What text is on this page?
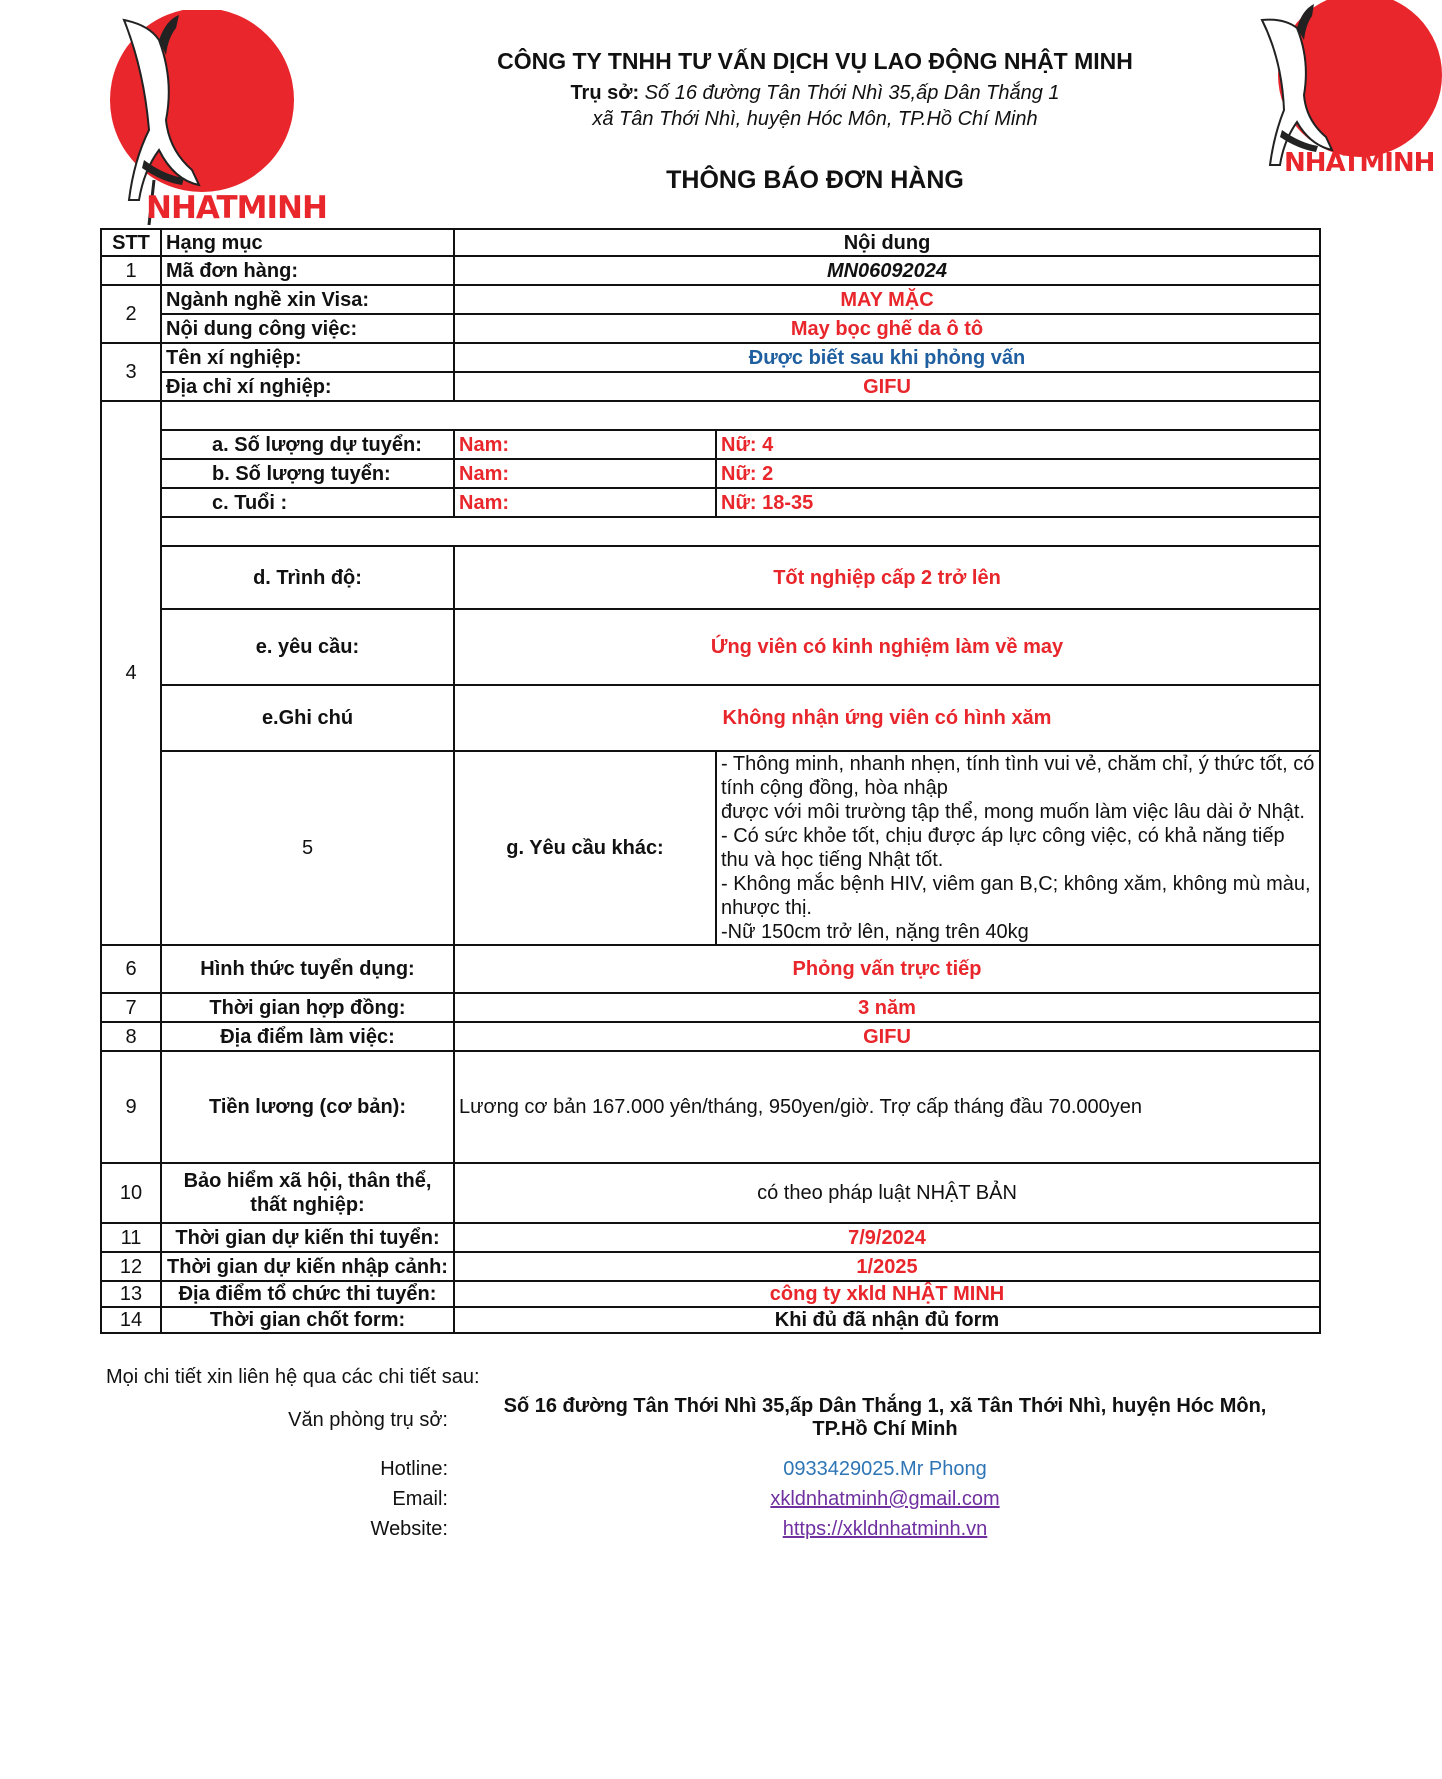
NHATMINH
NHATMINH
CÔNG TY TNHH TƯ VẤN DỊCH VỤ LAO ĐỘNG NHẬT MINH
Trụ sở: Số 16 đường Tân Thới Nhì 35,ấp Dân Thắng 1
xã Tân Thới Nhì, huyện Hóc Môn, TP.Hồ Chí Minh
THÔNG BÁO ĐƠN HÀNG
STT	Hạng mục	Nội dung	
1	Mã đơn hàng:	MN06092024	
2	Ngành nghề xin Visa:	MAY MẶC	
	Nội dung công việc:	May bọc ghế da ô tô	
3	Tên xí nghiệp:	Được biết sau khi phỏng vấn	
	Địa chỉ xí nghiệp:	GIFU	
4			
	a. Số lượng dự tuyển:	Nam:	Nữ: 4
	b. Số lượng tuyển:	Nam:	Nữ: 2
	c. Tuổi :	Nam:	Nữ: 18-35

	d. Trình độ:	Tốt nghiệp cấp 2 trở lên	
	e. yêu cầu:	Ứng viên có kinh nghiệm làm về may	
	e.Ghi chú	Không nhận ứng viên có hình xăm	
	5	g. Yêu cầu khác:	- Thông minh, nhanh nhẹn, tính tình vui vẻ, chăm chỉ, ý thức tốt, có tính cộng đồng, hòa nhập
được với môi trường tập thể, mong muốn làm việc lâu dài ở Nhật.
- Có sức khỏe tốt, chịu được áp lực công việc, có khả năng tiếp thu và học tiếng Nhật tốt.
- Không mắc bệnh HIV, viêm gan B,C; không xăm, không mù màu, nhược thị.
-Nữ 150cm trở lên, nặng trên 40kg

6	Hình thức tuyển dụng:	Phỏng vấn trực tiếp	
7	Thời gian hợp đồng:	3 năm	
8	Địa điểm làm việc:	GIFU	
9	Tiền lương (cơ bản):	Lương cơ bản 167.000 yên/tháng, 950yen/giờ. Trợ cấp tháng đầu 70.000yen	
10	Bảo hiểm xã hội, thân thể,
thất nghiệp:	có theo pháp luật NHẬT BẢN	
11	Thời gian dự kiến thi tuyển:	7/9/2024	
12	Thời gian dự kiến nhập cảnh:	1/2025	
13	Địa điểm tổ chức thi tuyển:	công ty xkld NHẬT MINH	
14	Thời gian chốt form:	Khi đủ đã nhận đủ form	
Mọi chi tiết xin liên hệ qua các chi tiết sau:
Văn phòng trụ sở:
Số 16 đường Tân Thới Nhì 35,ấp Dân Thắng 1, xã Tân Thới Nhì, huyện Hóc Môn,
TP.Hồ Chí Minh
Hotline:	0933429025.Mr Phong
Email:	xkldnhatminh@gmail.com
Website:	https://xkldnhatminh.vn
